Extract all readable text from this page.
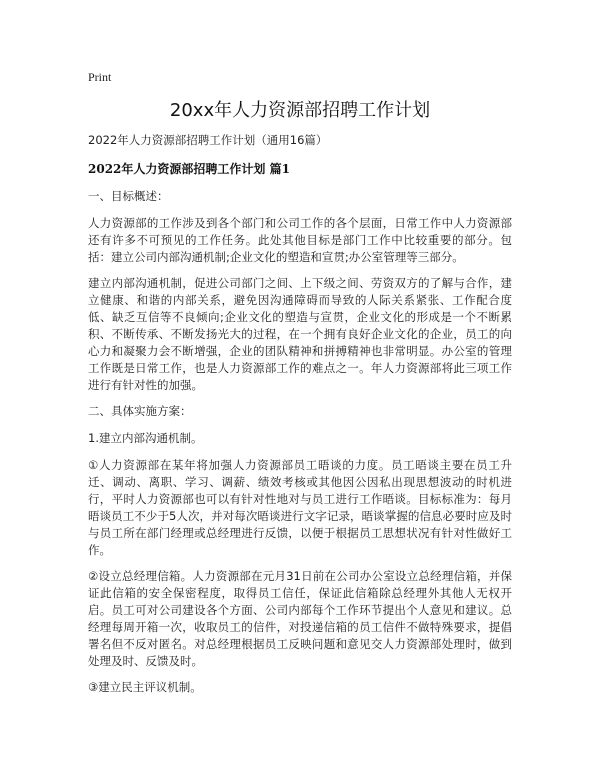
Print
20xx年人力资源部招聘工作计划

2022年人力资源部招聘工作计划（通用16篇）

2022年人力资源部招聘工作计划 篇1

一、目标概述：

人力资源部的工作涉及到各个部门和公司工作的各个层面，日常工作中人力资源部还有许多不可预见的工作任务。此处其他目标是部门工作中比较重要的部分。包括：建立公司内部沟通机制;企业文化的塑造和宣贯;办公室管理等三部分。

建立内部沟通机制，促进公司部门之间、上下级之间、劳资双方的了解与合作，建立健康、和谐的内部关系，避免因沟通障碍而导致的人际关系紧张、工作配合度低、缺乏互信等不良倾向;企业文化的塑造与宣贯，企业文化的形成是一个不断累积、不断传承、不断发扬光大的过程，在一个拥有良好企业文化的企业，员工的向心力和凝聚力会不断增强，企业的团队精神和拼搏精神也非常明显。办公室的管理工作既是日常工作，也是人力资源部工作的难点之一。年人力资源部将此三项工作进行有针对性的加强。

二、具体实施方案：

1.建立内部沟通机制。

①人力资源部在某年将加强人力资源部员工晤谈的力度。员工晤谈主要在员工升迁、调动、离职、学习、调薪、绩效考核或其他因公因私出现思想波动的时机进行，平时人力资源部也可以有针对性地对与员工进行工作晤谈。目标标准为：每月晤谈员工不少于5人次，并对每次晤谈进行文字记录，晤谈掌握的信息必要时应及时与员工所在部门经理或总经理进行反馈，以便于根据员工思想状况有针对性做好工作。

②设立总经理信箱。人力资源部在元月31日前在公司办公室设立总经理信箱，并保证此信箱的安全保密程度，取得员工信任，保证此信箱除总经理外其他人无权开启。员工可对公司建设各个方面、公司内部每个工作环节提出个人意见和建议。总经理每周开箱一次，收取员工的信件，对投递信箱的员工信件不做特殊要求，提倡署名但不反对匿名。对总经理根据员工反映问题和意见交人力资源部处理时，做到处理及时、反馈及时。

③建立民主评议机制。
